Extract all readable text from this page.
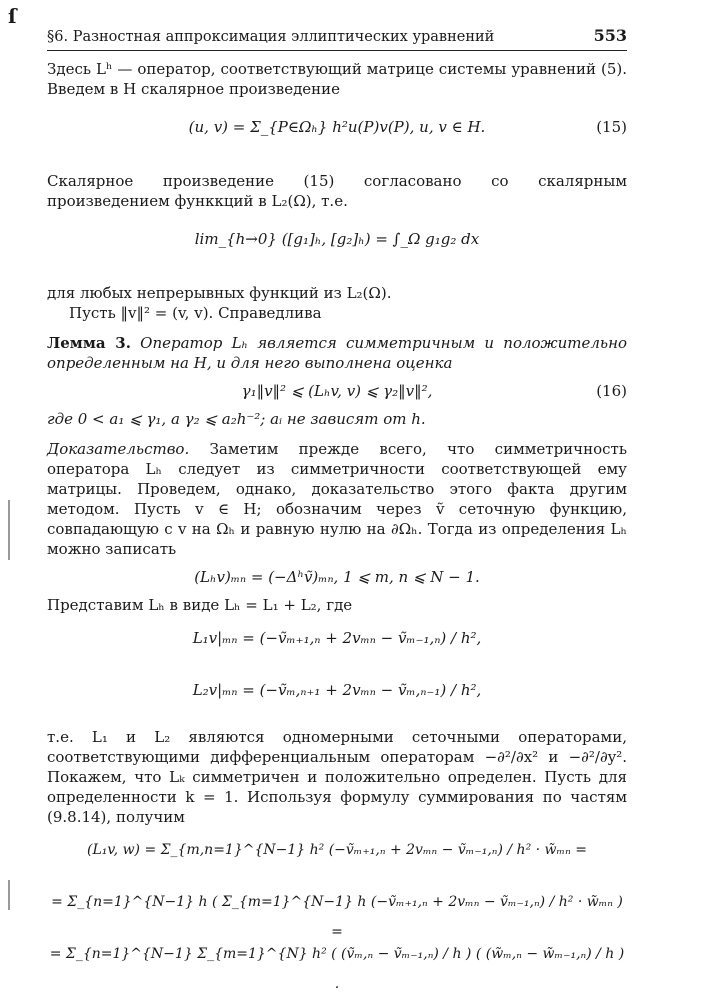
ſ
§6. Разностная аппроксимация эллиптических уравнений	553

Здесь Lʰ — оператор, соответствующий матрице системы уравнений (5). Введем в H скалярное произведение

(u, v) = Σ_{P∈Ωₕ} h²u(P)v(P), u, v ∈ H.	(15)

Скалярное произведение (15) согласовано со скалярным произведением функкций в L₂(Ω), т.е.

lim_{h→0} ([g₁]ₕ, [g₂]ₕ) = ∫_Ω g₁g₂ dx

для любых непрерывных функций из L₂(Ω).

Пусть ‖v‖² = (v, v). Справедлива

Лемма 3. Оператор Lₕ является симметричным и положительно определенным на H, и для него выполнена оценка

γ₁‖v‖² ⩽ (Lₕv, v) ⩽ γ₂‖v‖²,	(16)

где 0 < a₁ ⩽ γ₁, а γ₂ ⩽ a₂h⁻²; aᵢ не зависят от h.

Доказательство. Заметим прежде всего, что симметричность оператора Lₕ следует из симметричности соответствующей ему матрицы. Проведем, однако, доказательство этого факта другим методом. Пусть v ∈ H; обозначим через ṽ сеточную функцию, совпадающую с v на Ωₕ и равную нулю на ∂Ωₕ. Тогда из определения Lₕ можно записать

(Lₕv)ₘₙ = (−Δʰṽ)ₘₙ, 1 ⩽ m, n ⩽ N − 1.

Представим Lₕ в виде Lₕ = L₁ + L₂, где

L₁v|ₘₙ = (−ṽₘ₊₁,ₙ + 2vₘₙ − ṽₘ₋₁,ₙ) / h²,
L₂v|ₘₙ = (−ṽₘ,ₙ₊₁ + 2vₘₙ − ṽₘ,ₙ₋₁) / h²,

т.е. L₁ и L₂ являются одномерными сеточными операторами, соответствующими дифференциальным операторам −∂²/∂x² и −∂²/∂y². Покажем, что Lₖ симметричен и положительно определен. Пусть для определенности k = 1. Используя формулу суммирования по частям (9.8.14), получим

(L₁v, w) = Σ_{m,n=1}^{N−1} h² (−ṽₘ₊₁,ₙ + 2vₘₙ − ṽₘ₋₁,ₙ) / h² · w̃ₘₙ =
= Σ_{n=1}^{N−1} h ( Σ_{m=1}^{N−1} h (−ṽₘ₊₁,ₙ + 2vₘₙ − ṽₘ₋₁,ₙ) / h² · w̃ₘₙ ) =
= Σ_{n=1}^{N−1} Σ_{m=1}^{N} h² ( (ṽₘ,ₙ − ṽₘ₋₁,ₙ) / h ) ( (w̃ₘ,ₙ − w̃ₘ₋₁,ₙ) / h ) .
